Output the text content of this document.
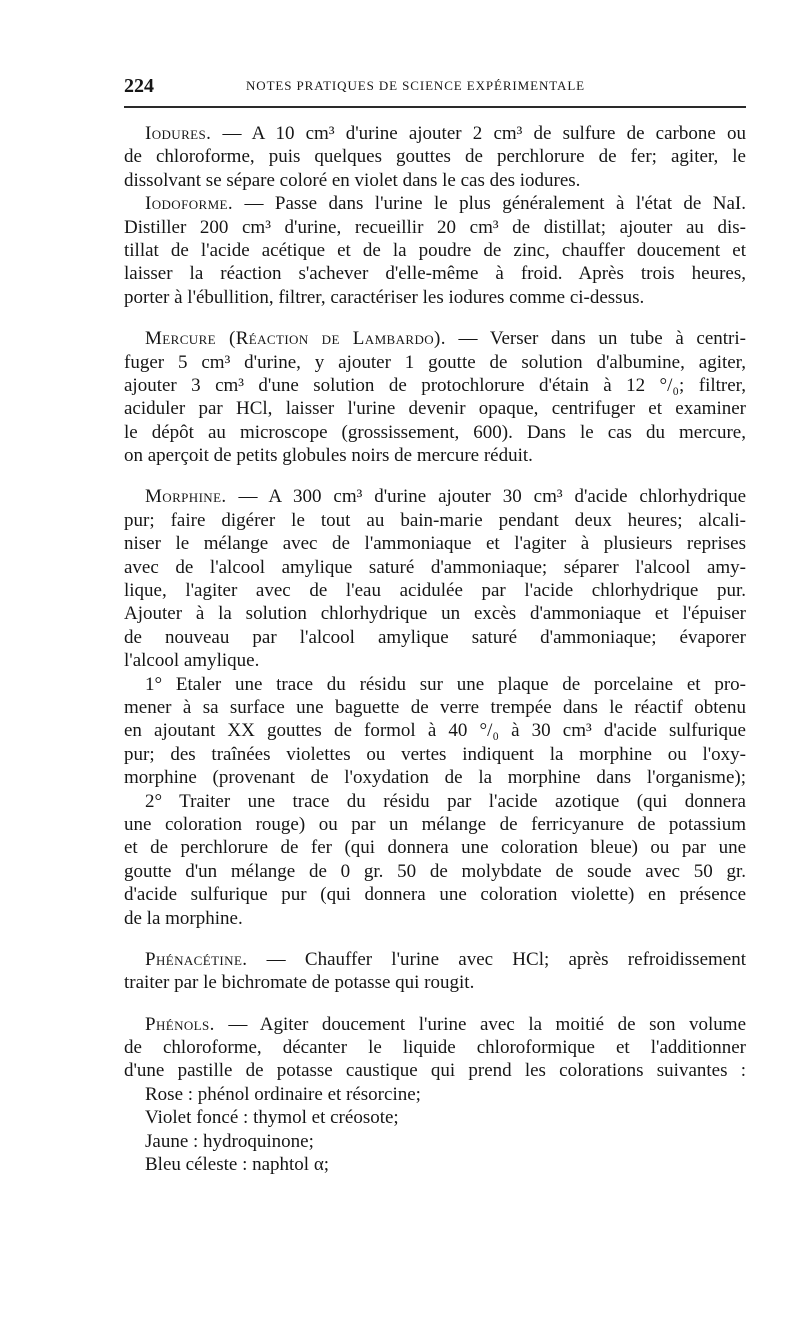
224	NOTES PRATIQUES DE SCIENCE EXPÉRIMENTALE
Iodures. — A 10 cm³ d'urine ajouter 2 cm³ de sulfure de carbone ou
de chloroforme, puis quelques gouttes de perchlorure de fer; agiter, le
dissolvant se sépare coloré en violet dans le cas des iodures.
Iodoforme. — Passe dans l'urine le plus généralement à l'état de NaI.
Distiller 200 cm³ d'urine, recueillir 20 cm³ de distillat; ajouter au dis-
tillat de l'acide acétique et de la poudre de zinc, chauffer doucement et
laisser la réaction s'achever d'elle-même à froid. Après trois heures,
porter à l'ébullition, filtrer, caractériser les iodures comme ci-dessus.
Mercure (Réaction de Lambardo). — Verser dans un tube à centri-
fuger 5 cm³ d'urine, y ajouter 1 goutte de solution d'albumine, agiter,
ajouter 3 cm³ d'une solution de protochlorure d'étain à 12 °/₀; filtrer,
aciduler par HCl, laisser l'urine devenir opaque, centrifuger et examiner
le dépôt au microscope (grossissement, 600). Dans le cas du mercure,
on aperçoit de petits globules noirs de mercure réduit.
Morphine. — A 300 cm³ d'urine ajouter 30 cm³ d'acide chlorhydrique
pur; faire digérer le tout au bain-marie pendant deux heures; alcali-
niser le mélange avec de l'ammoniaque et l'agiter à plusieurs reprises
avec de l'alcool amylique saturé d'ammoniaque; séparer l'alcool amy-
lique, l'agiter avec de l'eau acidulée par l'acide chlorhydrique pur.
Ajouter à la solution chlorhydrique un excès d'ammoniaque et l'épuiser
de nouveau par l'alcool amylique saturé d'ammoniaque; évaporer
l'alcool amylique.
1° Etaler une trace du résidu sur une plaque de porcelaine et pro-
mener à sa surface une baguette de verre trempée dans le réactif obtenu
en ajoutant XX gouttes de formol à 40 °/₀ à 30 cm³ d'acide sulfurique
pur; des traînées violettes ou vertes indiquent la morphine ou l'oxy-
morphine (provenant de l'oxydation de la morphine dans l'organisme);
2° Traiter une trace du résidu par l'acide azotique (qui donnera
une coloration rouge) ou par un mélange de ferricyanure de potassium
et de perchlorure de fer (qui donnera une coloration bleue) ou par une
goutte d'un mélange de 0 gr. 50 de molybdate de soude avec 50 gr.
d'acide sulfurique pur (qui donnera une coloration violette) en présence
de la morphine.
Phénacétine. — Chauffer l'urine avec HCl; après refroidissement
traiter par le bichromate de potasse qui rougit.
Phénols. — Agiter doucement l'urine avec la moitié de son volume
de chloroforme, décanter le liquide chloroformique et l'additionner
d'une pastille de potasse caustique qui prend les colorations suivantes :
Rose : phénol ordinaire et résorcine;
Violet foncé : thymol et créosote;
Jaune : hydroquinone;
Bleu céleste : naphtol α;
